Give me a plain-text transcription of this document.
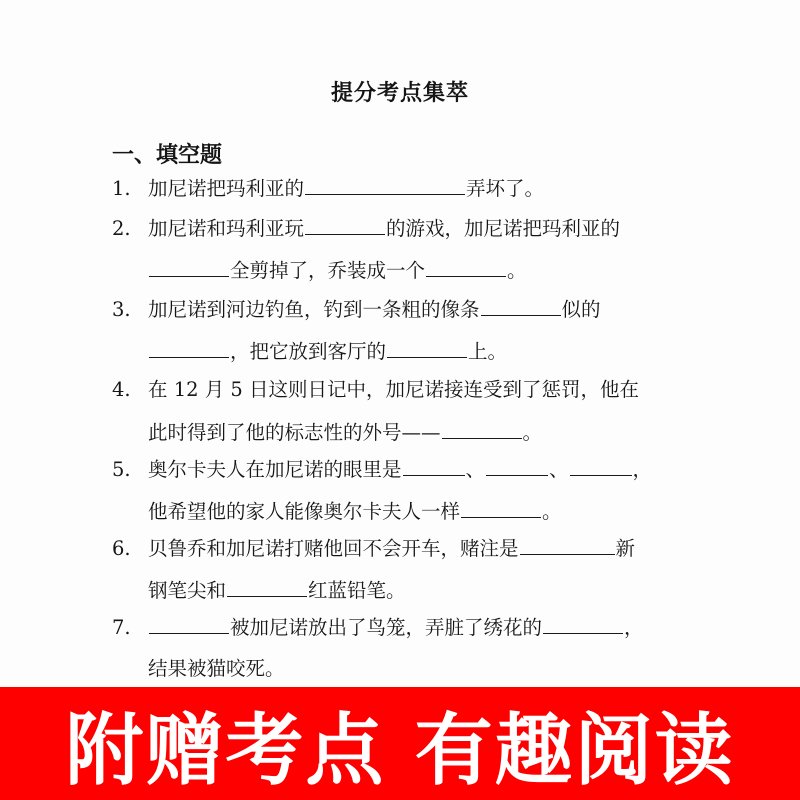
提分考点集萃
一、填空题
1. 加尼诺把玛利亚的	弄坏了。
2. 加尼诺和玛利亚玩	的游戏，加尼诺把玛利亚的
全剪掉了，乔装成一个	。
3. 加尼诺到河边钓鱼，钓到一条粗的像条	似的
，把它放到客厅的	上。
4. 在 12 月 5 日这则日记中，加尼诺接连受到了惩罚，他在
此时得到了他的标志性的外号——	。
5. 奥尔卡夫人在加尼诺的眼里是	、	、	，
他希望他的家人能像奥尔卡夫人一样	。
6. 贝鲁乔和加尼诺打赌他回不会开车，赌注是	新
钢笔尖和	红蓝铅笔。
7.	被加尼诺放出了鸟笼，弄脏了绣花的	，
结果被猫咬死。
附赠考点 有趣阅读
